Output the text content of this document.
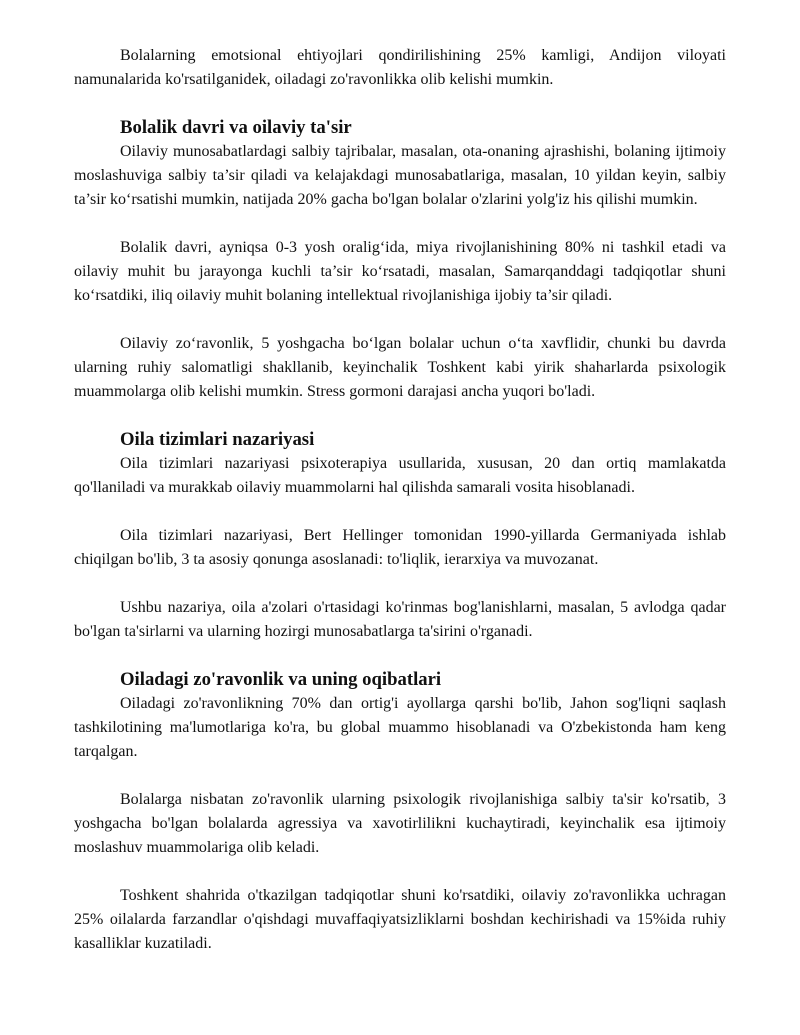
Bolalarning emotsional ehtiyojlari qondirilishining 25% kamligi, Andijon viloyati namunalarida ko'rsatilganidek, oiladagi zo'ravonlikka olib kelishi mumkin.

Bolalik davri va oilaviy ta'sir

Oilaviy munosabatlardagi salbiy tajribalar, masalan, ota-onaning ajrashishi, bolaning ijtimoiy moslashuviga salbiy ta’sir qiladi va kelajakdagi munosabatlariga, masalan, 10 yildan keyin, salbiy ta’sir ko‘rsatishi mumkin, natijada 20% gacha bo'lgan bolalar o'zlarini yolg'iz his qilishi mumkin.

Bolalik davri, ayniqsa 0-3 yosh oralig‘ida, miya rivojlanishining 80% ni tashkil etadi va oilaviy muhit bu jarayonga kuchli ta’sir ko‘rsatadi, masalan, Samarqanddagi tadqiqotlar shuni ko‘rsatdiki, iliq oilaviy muhit bolaning intellektual rivojlanishiga ijobiy ta’sir qiladi.

Oilaviy zo‘ravonlik, 5 yoshgacha bo‘lgan bolalar uchun o‘ta xavflidir, chunki bu davrda ularning ruhiy salomatligi shakllanib, keyinchalik Toshkent kabi yirik shaharlarda psixologik muammolarga olib kelishi mumkin. Stress gormoni darajasi ancha yuqori bo'ladi.

Oila tizimlari nazariyasi

Oila tizimlari nazariyasi psixoterapiya usullarida, xususan, 20 dan ortiq mamlakatda qo'llaniladi va murakkab oilaviy muammolarni hal qilishda samarali vosita hisoblanadi.

Oila tizimlari nazariyasi, Bert Hellinger tomonidan 1990-yillarda Germaniyada ishlab chiqilgan bo'lib, 3 ta asosiy qonunga asoslanadi: to'liqlik, ierarxiya va muvozanat.

Ushbu nazariya, oila a'zolari o'rtasidagi ko'rinmas bog'lanishlarni, masalan, 5 avlodga qadar bo'lgan ta'sirlarni va ularning hozirgi munosabatlarga ta'sirini o'rganadi.

Oiladagi zo'ravonlik va uning oqibatlari

Oiladagi zo'ravonlikning 70% dan ortig'i ayollarga qarshi bo'lib, Jahon sog'liqni saqlash tashkilotining ma'lumotlariga ko'ra, bu global muammo hisoblanadi va O'zbekistonda ham keng tarqalgan.

Bolalarga nisbatan zo'ravonlik ularning psixologik rivojlanishiga salbiy ta'sir ko'rsatib, 3 yoshgacha bo'lgan bolalarda agressiya va xavotirlilikni kuchaytiradi, keyinchalik esa ijtimoiy moslashuv muammolariga olib keladi.

Toshkent shahrida o'tkazilgan tadqiqotlar shuni ko'rsatdiki, oilaviy zo'ravonlikka uchragan 25% oilalarda farzandlar o'qishdagi muvaffaqiyatsizliklarni boshdan kechirishadi va 15%ida ruhiy kasalliklar kuzatiladi.
